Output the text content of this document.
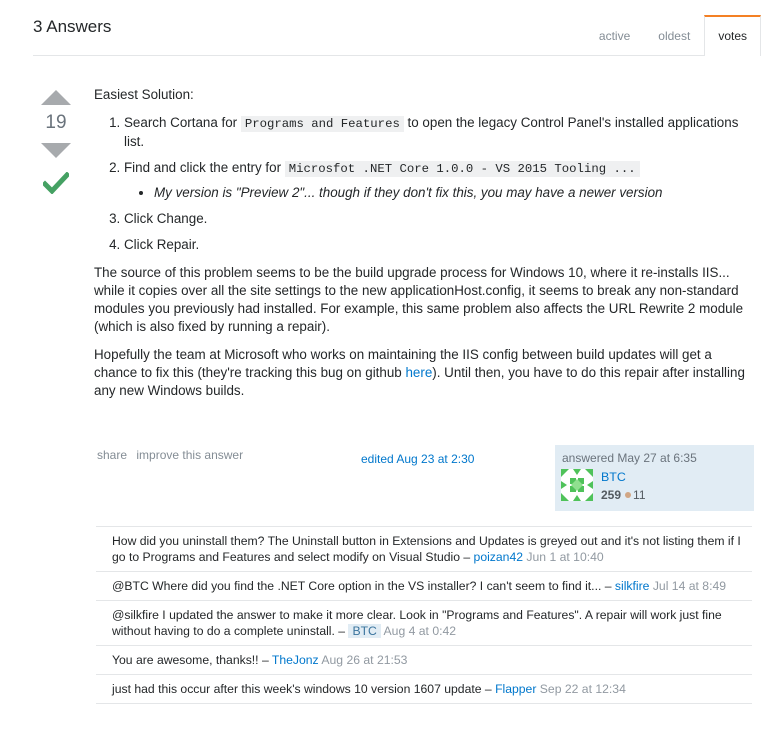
3 Answers	active	oldest	votes
19

Easiest Solution:

1. Search Cortana for Programs and Features to open the legacy Control Panel's installed applications list.
2. Find and click the entry for Microsfot .NET Core 1.0.0 - VS 2015 Tooling ...
• My version is "Preview 2"... though if they don't fix this, you may have a newer version
3. Click Change.
4. Click Repair.

The source of this problem seems to be the build upgrade process for Windows 10, where it re-installs IIS... while it copies over all the site settings to the new applicationHost.config, it seems to break any non-standard modules you previously had installed. For example, this same problem also affects the URL Rewrite 2 module (which is also fixed by running a repair).

Hopefully the team at Microsoft who works on maintaining the IIS config between build updates will get a chance to fix this (they're tracking this bug on github here). Until then, you have to do this repair after installing any new Windows builds.

share improve this answer	edited Aug 23 at 2:30	answered May 27 at 6:35
BTC
259 11
How did you uninstall them? The Uninstall button in Extensions and Updates is greyed out and it's not listing them if I go to Programs and Features and select modify on Visual Studio – poizan42 Jun 1 at 10:40
@BTC Where did you find the .NET Core option in the VS installer? I can't seem to find it... – silkfire Jul 14 at 8:49
@silkfire I updated the answer to make it more clear. Look in "Programs and Features". A repair will work just fine without having to do a complete uninstall. – BTC Aug 4 at 0:42
You are awesome, thanks!! – TheJonz Aug 26 at 21:53
just had this occur after this week's windows 10 version 1607 update – Flapper Sep 22 at 12:34
